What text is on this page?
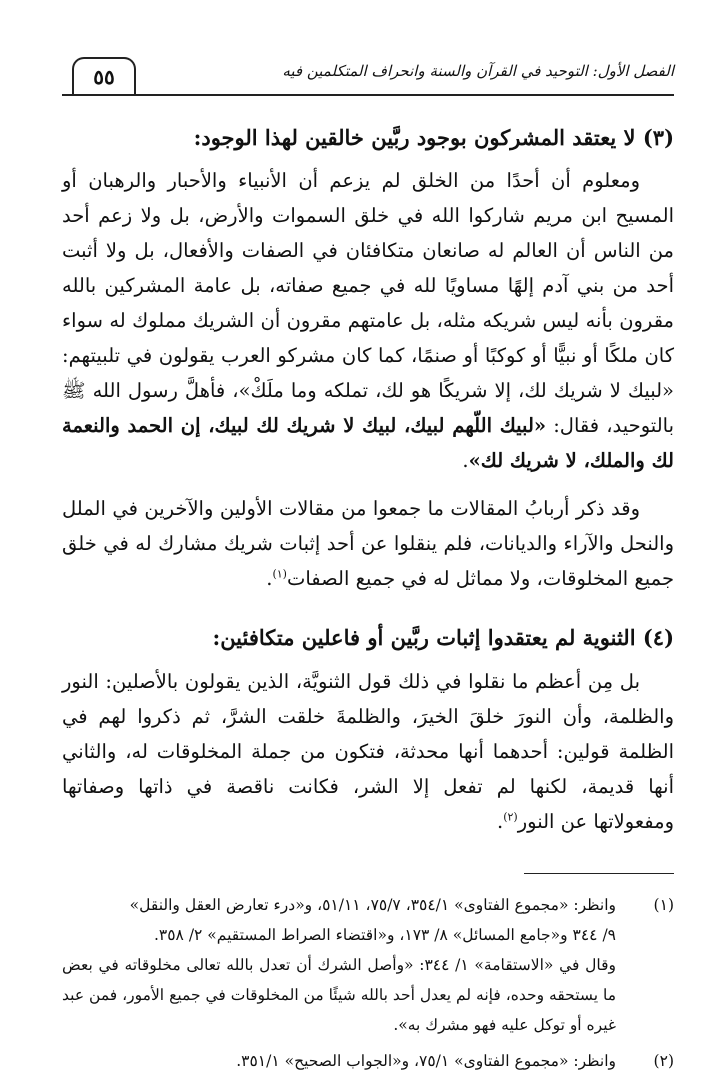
الفصل الأول: التوحيد في القرآن والسنة وانحراف المتكلمين فيه
٥٥
(٣) لا يعتقد المشركون بوجود ربَّين خالقين لهذا الوجود:

ومعلوم أن أحدًا من الخلق لم يزعم أن الأنبياء والأحبار والرهبان أو المسيح ابن مريم شاركوا الله في خلق السموات والأرض، بل ولا زعم أحد من الناس أن العالم له صانعان متكافئان في الصفات والأفعال، بل ولا أثبت أحد من بني آدم إلهًا مساويًا لله في جميع صفاته، بل عامة المشركين بالله مقرون بأنه ليس شريكه مثله، بل عامتهم مقرون أن الشريك مملوك له سواء كان ملكًا أو نبيًّا أو كوكبًا أو صنمًا، كما كان مشركو العرب يقولون في تلبيتهم: «لبيك لا شريك لك، إلا شريكًا هو لك، تملكه وما ملَكْ»، فأهلَّ رسول الله ﷺ بالتوحيد، فقال: «لبيك اللّهم لبيك، لبيك لا شريك لك لبيك، إن الحمد والنعمة لك والملك، لا شريك لك».

وقد ذكر أربابُ المقالات ما جمعوا من مقالات الأولين والآخرين في الملل والنحل والآراء والديانات، فلم ينقلوا عن أحد إثبات شريك مشارك له في خلق جميع المخلوقات، ولا مماثل له في جميع الصفات$^{(١)}$.

(٤) الثنوية لم يعتقدوا إثبات ربَّين أو فاعلين متكافئين:

بل مِن أعظم ما نقلوا في ذلك قول الثنويَّة، الذين يقولون بالأصلين: النور والظلمة، وأن النورَ خلقَ الخيرَ، والظلمةَ خلقت الشرَّ، ثم ذكروا لهم في الظلمة قولين: أحدهما أنها محدثة، فتكون من جملة المخلوقات له، والثاني أنها قديمة، لكنها لم تفعل إلا الشر، فكانت ناقصة في ذاتها وصفاتها ومفعولاتها عن النور$^{(٢)}$.

(١)
وانظر: «مجموع الفتاوى» ٣٥٤/١، ٧٥/٧، ٥١/١١، و«درء تعارض العقل والنقل»
٩/ ٣٤٤ و«جامع المسائل» ٨/ ١٧٣، و«اقتضاء الصراط المستقيم» ٢/ ٣٥٨.
وقال في «الاستقامة» ١/ ٣٤٤: «وأصل الشرك أن تعدل بالله تعالى مخلوقاته في بعض ما يستحقه وحده، فإنه لم يعدل أحد بالله شيئًا من المخلوقات في جميع الأمور، فمن عبد غيره أو توكل عليه فهو مشرك به».
(٢)
وانظر: «مجموع الفتاوى» ٧٥/١، و«الجواب الصحيح» ٣٥١/١.
